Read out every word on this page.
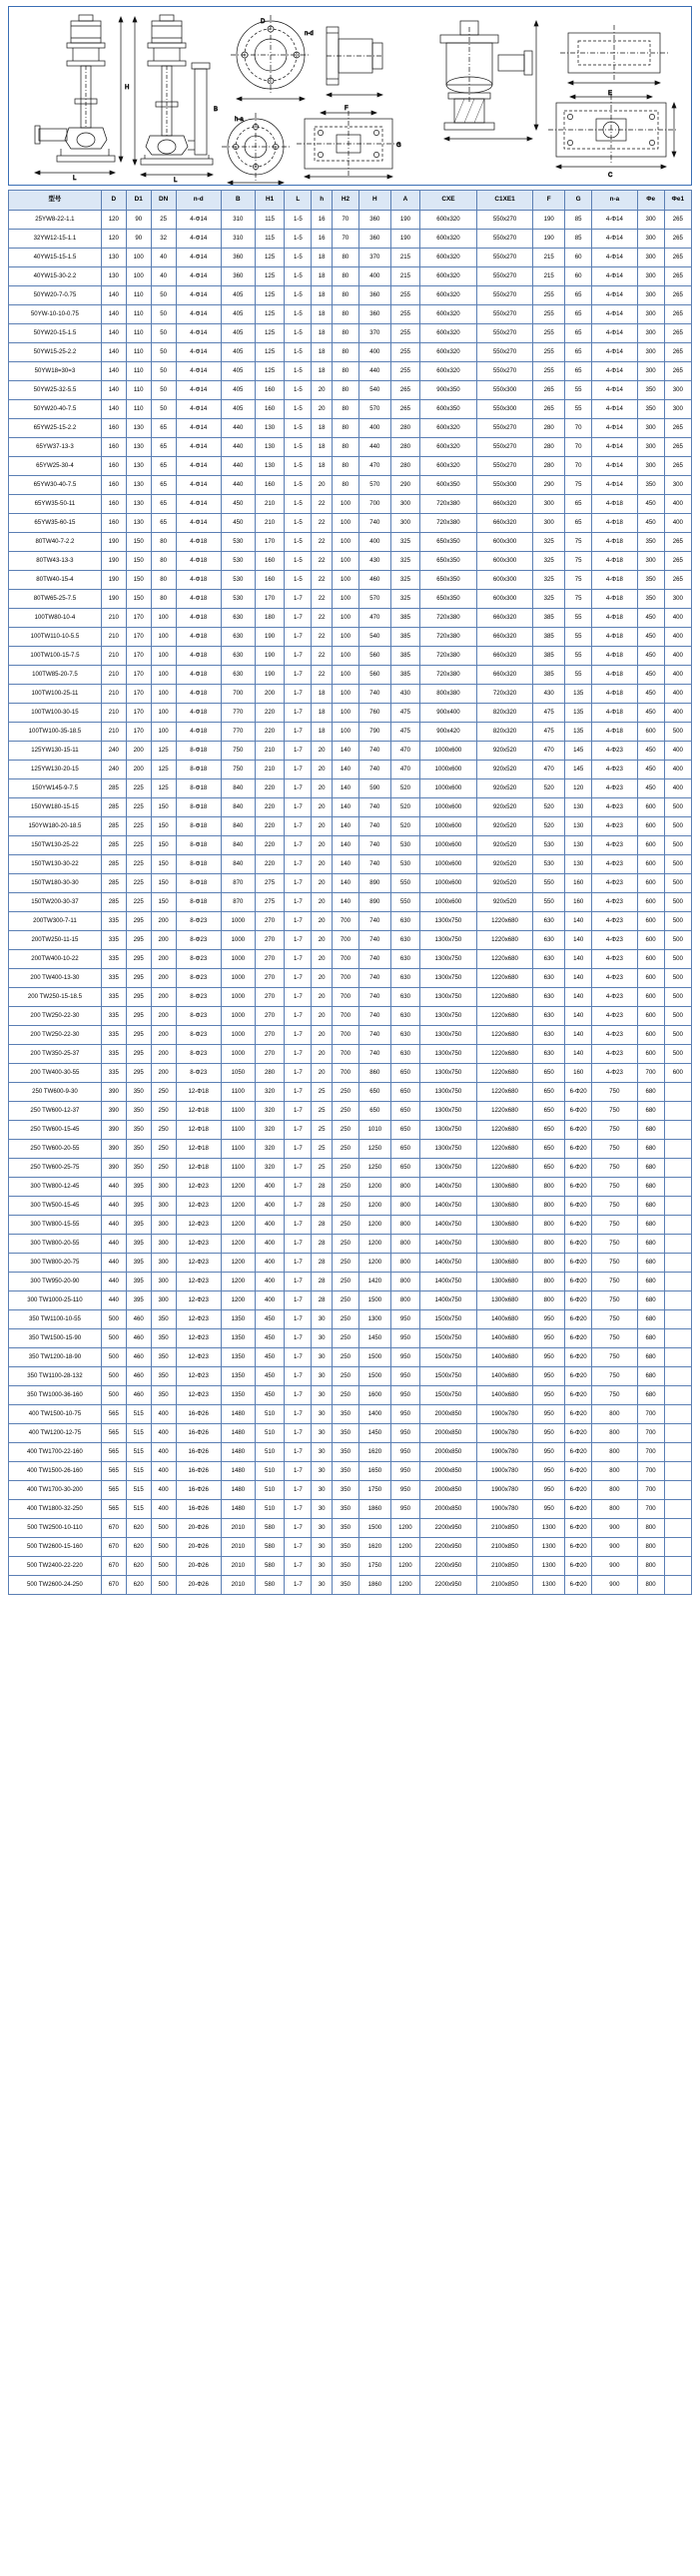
H
L
B
L
D
n-d
h-a
F
G
E
C
型号	D	D1	DN	n-d	B	H1	L	h	H2	H	A	CXE	C1XE1	F	G	n-a	Φe	Φe1
25YW8-22-1.1	120	90	25	4-Φ14	310	115	1-5	16	70	360	190	600x320	550x270	190	85	4-Φ14	300	265
32YW12-15-1.1	120	90	32	4-Φ14	310	115	1-5	16	70	360	190	600x320	550x270	190	85	4-Φ14	300	265
40YW15-15-1.5	130	100	40	4-Φ14	360	125	1-5	18	80	370	215	600x320	550x270	215	60	4-Φ14	300	265
40YW15-30-2.2	130	100	40	4-Φ14	360	125	1-5	18	80	400	215	600x320	550x270	215	60	4-Φ14	300	265
50YW20-7-0.75	140	110	50	4-Φ14	405	125	1-5	18	80	360	255	600x320	550x270	255	65	4-Φ14	300	265
50YW-10-10-0.75	140	110	50	4-Φ14	405	125	1-5	18	80	360	255	600x320	550x270	255	65	4-Φ14	300	265
50YW20-15-1.5	140	110	50	4-Φ14	405	125	1-5	18	80	370	255	600x320	550x270	255	65	4-Φ14	300	265
50YW15-25-2.2	140	110	50	4-Φ14	405	125	1-5	18	80	400	255	600x320	550x270	255	65	4-Φ14	300	265
50YW18=30=3	140	110	50	4-Φ14	405	125	1-5	18	80	440	255	600x320	550x270	255	65	4-Φ14	300	265
50YW25-32-5.5	140	110	50	4-Φ14	405	160	1-5	20	80	540	265	900x350	550x300	265	55	4-Φ14	350	300
50YW20-40-7.5	140	110	50	4-Φ14	405	160	1-5	20	80	570	265	600x350	550x300	265	55	4-Φ14	350	300
65YW25-15-2.2	160	130	65	4-Φ14	440	130	1-5	18	80	400	280	600x320	550x270	280	70	4-Φ14	300	265
65YW37-13-3	160	130	65	4-Φ14	440	130	1-5	18	80	440	280	600x320	550x270	280	70	4-Φ14	300	265
65YW25-30-4	160	130	65	4-Φ14	440	130	1-5	18	80	470	280	600x320	550x270	280	70	4-Φ14	300	265
65YW30-40-7.5	160	130	65	4-Φ14	440	160	1-5	20	80	570	290	600x350	550x300	290	75	4-Φ14	350	300
65YW35-50-11	160	130	65	4-Φ14	450	210	1-5	22	100	700	300	720x380	660x320	300	65	4-Φ18	450	400
65YW35-60-15	160	130	65	4-Φ14	450	210	1-5	22	100	740	300	720x380	660x320	300	65	4-Φ18	450	400
80TW40-7-2.2	190	150	80	4-Φ18	530	170	1-5	22	100	400	325	650x350	600x300	325	75	4-Φ18	350	265
80TW43-13-3	190	150	80	4-Φ18	530	160	1-5	22	100	430	325	650x350	600x300	325	75	4-Φ18	300	265
80TW40-15-4	190	150	80	4-Φ18	530	160	1-5	22	100	460	325	650x350	600x300	325	75	4-Φ18	350	265
80TW65-25-7.5	190	150	80	4-Φ18	530	170	1-7	22	100	570	325	650x350	600x300	325	75	4-Φ18	350	300
100TW80-10-4	210	170	100	4-Φ18	630	180	1-7	22	100	470	385	720x380	660x320	385	55	4-Φ18	450	400
100TW110-10-5.5	210	170	100	4-Φ18	630	190	1-7	22	100	540	385	720x380	660x320	385	55	4-Φ18	450	400
100TW100-15-7.5	210	170	100	4-Φ18	630	190	1-7	22	100	560	385	720x380	660x320	385	55	4-Φ18	450	400
100TW85-20-7.5	210	170	100	4-Φ18	630	190	1-7	22	100	560	385	720x380	660x320	385	55	4-Φ18	450	400
100TW100-25-11	210	170	100	4-Φ18	700	200	1-7	18	100	740	430	800x380	720x320	430	135	4-Φ18	450	400
100TW100-30-15	210	170	100	4-Φ18	770	220	1-7	18	100	760	475	900x400	820x320	475	135	4-Φ18	450	400
100TW100-35-18.5	210	170	100	4-Φ18	770	220	1-7	18	100	790	475	900x420	820x320	475	135	4-Φ18	600	500
125YW130-15-11	240	200	125	8-Φ18	750	210	1-7	20	140	740	470	1000x600	920x520	470	145	4-Φ23	450	400
125YW130-20-15	240	200	125	8-Φ18	750	210	1-7	20	140	740	470	1000x600	920x520	470	145	4-Φ23	450	400
150YW145-9-7.5	285	225	125	8-Φ18	840	220	1-7	20	140	590	520	1000x600	920x520	520	120	4-Φ23	450	400
150YW180-15-15	285	225	150	8-Φ18	840	220	1-7	20	140	740	520	1000x600	920x520	520	130	4-Φ23	600	500
150YW180-20-18.5	285	225	150	8-Φ18	840	220	1-7	20	140	740	520	1000x600	920x520	520	130	4-Φ23	600	500
150TW130-25-22	285	225	150	8-Φ18	840	220	1-7	20	140	740	530	1000x600	920x520	530	130	4-Φ23	600	500
150TW130-30-22	285	225	150	8-Φ18	840	220	1-7	20	140	740	530	1000x600	920x520	530	130	4-Φ23	600	500
150TW180-30-30	285	225	150	8-Φ18	870	275	1-7	20	140	890	550	1000x600	920x520	550	160	4-Φ23	600	500
150TW200-30-37	285	225	150	8-Φ18	870	275	1-7	20	140	890	550	1000x600	920x520	550	160	4-Φ23	600	500
200TW300-7-11	335	295	200	8-Φ23	1000	270	1-7	20	700	740	630	1300x750	1220x680	630	140	4-Φ23	600	500
200TW250-11-15	335	295	200	8-Φ23	1000	270	1-7	20	700	740	630	1300x750	1220x680	630	140	4-Φ23	600	500
200TW400-10-22	335	295	200	8-Φ23	1000	270	1-7	20	700	740	630	1300x750	1220x680	630	140	4-Φ23	600	500
200 TW400-13-30	335	295	200	8-Φ23	1000	270	1-7	20	700	740	630	1300x750	1220x680	630	140	4-Φ23	600	500
200 TW250-15-18.5	335	295	200	8-Φ23	1000	270	1-7	20	700	740	630	1300x750	1220x680	630	140	4-Φ23	600	500
200 TW250-22-30	335	295	200	8-Φ23	1000	270	1-7	20	700	740	630	1300x750	1220x680	630	140	4-Φ23	600	500
200 TW250-22-30	335	295	200	8-Φ23	1000	270	1-7	20	700	740	630	1300x750	1220x680	630	140	4-Φ23	600	500
200 TW350-25-37	335	295	200	8-Φ23	1000	270	1-7	20	700	740	630	1300x750	1220x680	630	140	4-Φ23	600	500
200 TW400-30-55	335	295	200	8-Φ23	1050	280	1-7	20	700	860	650	1300x750	1220x680	650	160	4-Φ23	700	600
250 TW600-9-30	390	350	250	12-Φ18	1100	320	1-7	25	250	650	650	1300x750	1220x680	650	6-Φ20	750	680	
250 TW600-12-37	390	350	250	12-Φ18	1100	320	1-7	25	250	650	650	1300x750	1220x680	650	6-Φ20	750	680	
250 TW600-15-45	390	350	250	12-Φ18	1100	320	1-7	25	250	1010	650	1300x750	1220x680	650	6-Φ20	750	680	
250 TW600-20-55	390	350	250	12-Φ18	1100	320	1-7	25	250	1250	650	1300x750	1220x680	650	6-Φ20	750	680	
250 TW600-25-75	390	350	250	12-Φ18	1100	320	1-7	25	250	1250	650	1300x750	1220x680	650	6-Φ20	750	680	
300 TW800-12-45	440	395	300	12-Φ23	1200	400	1-7	28	250	1200	800	1400x750	1300x680	800	6-Φ20	750	680	
300 TW500-15-45	440	395	300	12-Φ23	1200	400	1-7	28	250	1200	800	1400x750	1300x680	800	6-Φ20	750	680	
300 TW800-15-55	440	395	300	12-Φ23	1200	400	1-7	28	250	1200	800	1400x750	1300x680	800	6-Φ20	750	680	
300 TW800-20-55	440	395	300	12-Φ23	1200	400	1-7	28	250	1200	800	1400x750	1300x680	800	6-Φ20	750	680	
300 TW800-20-75	440	395	300	12-Φ23	1200	400	1-7	28	250	1200	800	1400x750	1300x680	800	6-Φ20	750	680	
300 TW950-20-90	440	395	300	12-Φ23	1200	400	1-7	28	250	1420	800	1400x750	1300x680	800	6-Φ20	750	680	
300 TW1000-25-110	440	395	300	12-Φ23	1200	400	1-7	28	250	1500	800	1400x750	1300x680	800	6-Φ20	750	680	
350 TW1100-10-55	500	460	350	12-Φ23	1350	450	1-7	30	250	1300	950	1500x750	1400x680	950	6-Φ20	750	680	
350 TW1500-15-90	500	460	350	12-Φ23	1350	450	1-7	30	250	1450	950	1500x750	1400x680	950	6-Φ20	750	680	
350 TW1200-18-90	500	460	350	12-Φ23	1350	450	1-7	30	250	1500	950	1500x750	1400x680	950	6-Φ20	750	680	
350 TW1100-28-132	500	460	350	12-Φ23	1350	450	1-7	30	250	1500	950	1500x750	1400x680	950	6-Φ20	750	680	
350 TW1000-36-160	500	460	350	12-Φ23	1350	450	1-7	30	250	1600	950	1500x750	1400x680	950	6-Φ20	750	680	
400 TW1500-10-75	565	515	400	16-Φ26	1480	510	1-7	30	350	1400	950	2000x850	1900x780	950	6-Φ20	800	700	
400 TW1200-12-75	565	515	400	16-Φ26	1480	510	1-7	30	350	1450	950	2000x850	1900x780	950	6-Φ20	800	700	
400 TW1700-22-160	565	515	400	16-Φ26	1480	510	1-7	30	350	1620	950	2000x850	1900x780	950	6-Φ20	800	700	
400 TW1500-26-160	565	515	400	16-Φ26	1480	510	1-7	30	350	1650	950	2000x850	1900x780	950	6-Φ20	800	700	
400 TW1700-30-200	565	515	400	16-Φ26	1480	510	1-7	30	350	1750	950	2000x850	1900x780	950	6-Φ20	800	700	
400 TW1800-32-250	565	515	400	16-Φ26	1480	510	1-7	30	350	1860	950	2000x850	1900x780	950	6-Φ20	800	700	
500 TW2500-10-110	670	620	500	20-Φ26	2010	580	1-7	30	350	1500	1200	2200x950	2100x850	1300	6-Φ20	900	800	
500 TW2600-15-160	670	620	500	20-Φ26	2010	580	1-7	30	350	1620	1200	2200x950	2100x850	1300	6-Φ20	900	800	
500 TW2400-22-220	670	620	500	20-Φ26	2010	580	1-7	30	350	1750	1200	2200x950	2100x850	1300	6-Φ20	900	800	
500 TW2600-24-250	670	620	500	20-Φ26	2010	580	1-7	30	350	1860	1200	2200x950	2100x850	1300	6-Φ20	900	800	
